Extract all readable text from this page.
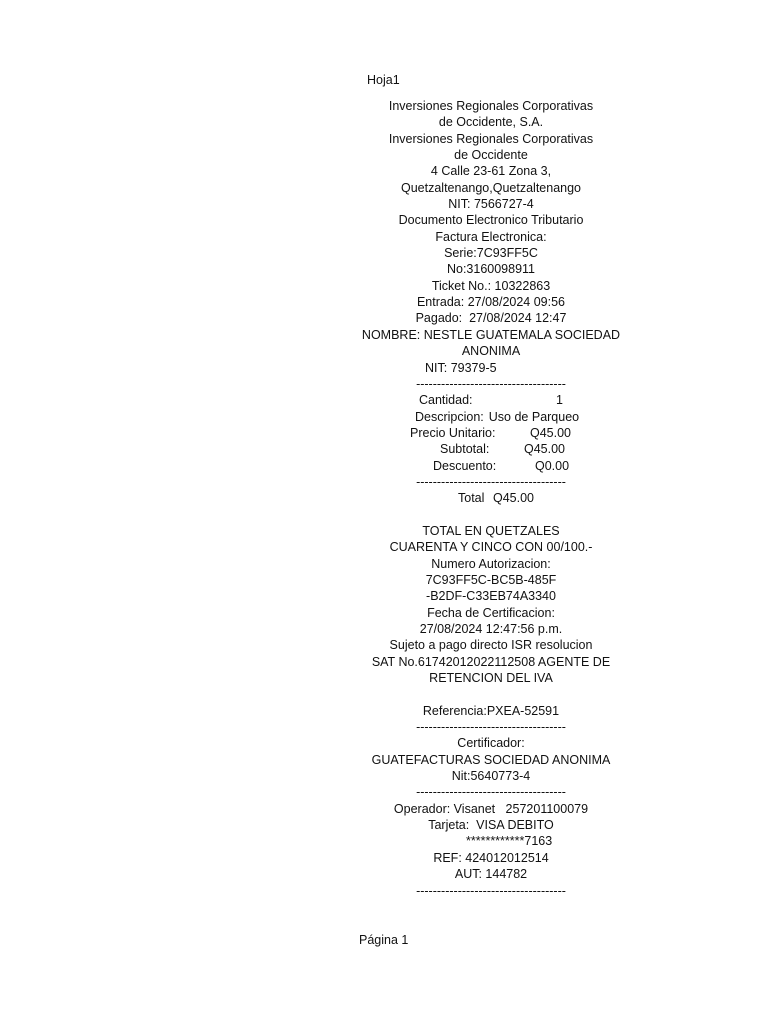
Hoja1
Inversiones Regionales Corporativas
de Occidente, S.A.
Inversiones Regionales Corporativas
de Occidente
4 Calle 23-61 Zona 3,
Quetzaltenango,Quetzaltenango
NIT: 7566727-4
Documento Electronico Tributario
Factura Electronica:
Serie:7C93FF5C
No:3160098911
Ticket No.: 10322863
Entrada: 27/08/2024 09:56
Pagado:  27/08/2024 12:47
NOMBRE: NESTLE GUATEMALA SOCIEDAD
ANONIMA
NIT: 79379-5
------------------------------------
Cantidad:	1
Descripcion: Uso de Parqueo
Precio Unitario:	Q45.00
Subtotal:	Q45.00
Descuento:	Q0.00
------------------------------------
Total Q45.00
TOTAL EN QUETZALES
CUARENTA Y CINCO CON 00/100.-
Numero Autorizacion:
7C93FF5C-BC5B-485F
-B2DF-C33EB74A3340
Fecha de Certificacion:
27/08/2024 12:47:56 p.m.
Sujeto a pago directo ISR resolucion
SAT No.61742012022112508 AGENTE DE
RETENCION DEL IVA
Referencia:PXEA-52591
------------------------------------
Certificador:
GUATEFACTURAS SOCIEDAD ANONIMA
Nit:5640773-4
------------------------------------
Operador: Visanet   257201100079
Tarjeta:  VISA DEBITO
************7163
REF: 424012012514
AUT: 144782
------------------------------------
Página 1
